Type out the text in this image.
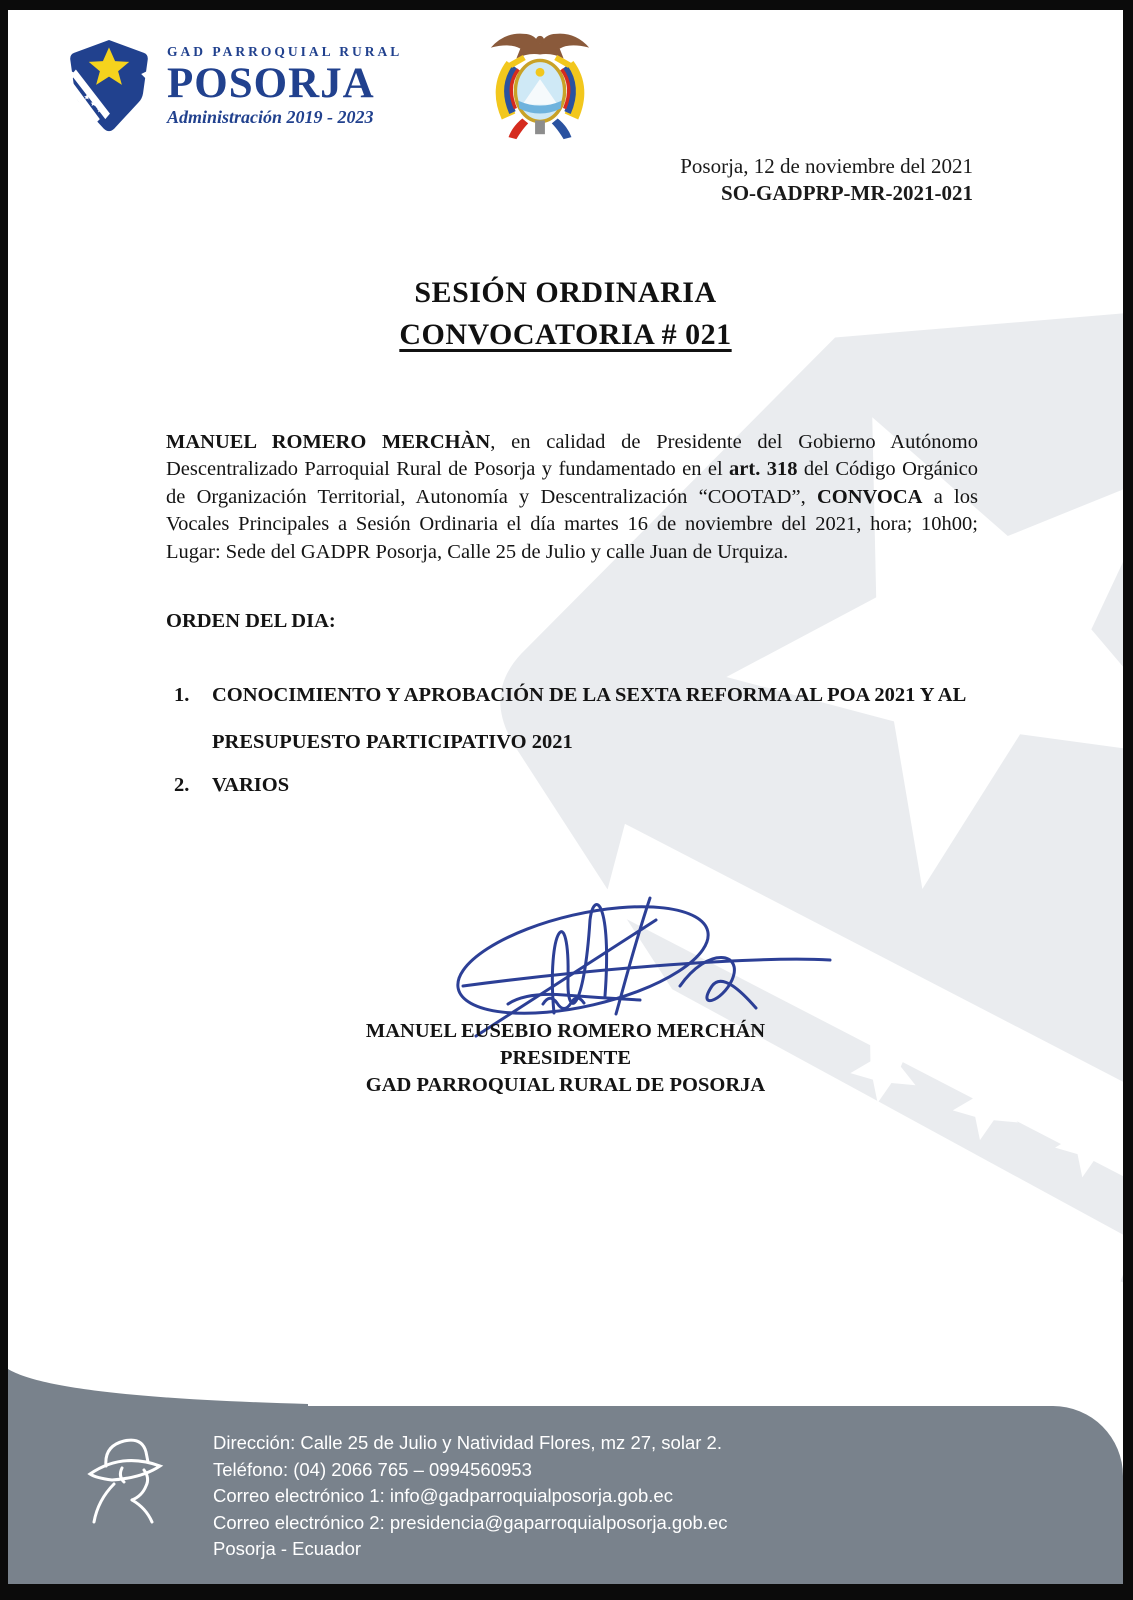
GAD PARROQUIAL RURAL
POSORJA
Administración 2019 - 2023
Posorja, 12 de noviembre del 2021
SO-GADPRP-MR-2021-021
SESIÓN ORDINARIA
CONVOCATORIA # 021

MANUEL ROMERO MERCHÀN, en calidad de Presidente del Gobierno Autónomo Descentralizado Parroquial Rural de Posorja y fundamentado en el art. 318 del Código Orgánico de Organización Territorial, Autonomía y Descentralización “COOTAD”, CONVOCA a los Vocales Principales a Sesión Ordinaria el día martes 16 de noviembre del 2021, hora; 10h00; Lugar: Sede del GADPR Posorja, Calle 25 de Julio y calle Juan de Urquiza.

ORDEN DEL DIA:
1.	CONOCIMIENTO Y APROBACIÓN DE LA SEXTA REFORMA AL POA 2021 Y AL PRESUPUESTO PARTICIPATIVO 2021
2.	VARIOS
MANUEL EUSEBIO ROMERO MERCHÁN
PRESIDENTE
GAD PARROQUIAL RURAL DE POSORJA
Dirección: Calle 25 de Julio y Natividad Flores, mz 27, solar 2.
Teléfono: (04) 2066 765 – 0994560953
Correo electrónico 1: info@gadparroquialposorja.gob.ec
Correo electrónico 2: presidencia@gaparroquialposorja.gob.ec
Posorja - Ecuador
